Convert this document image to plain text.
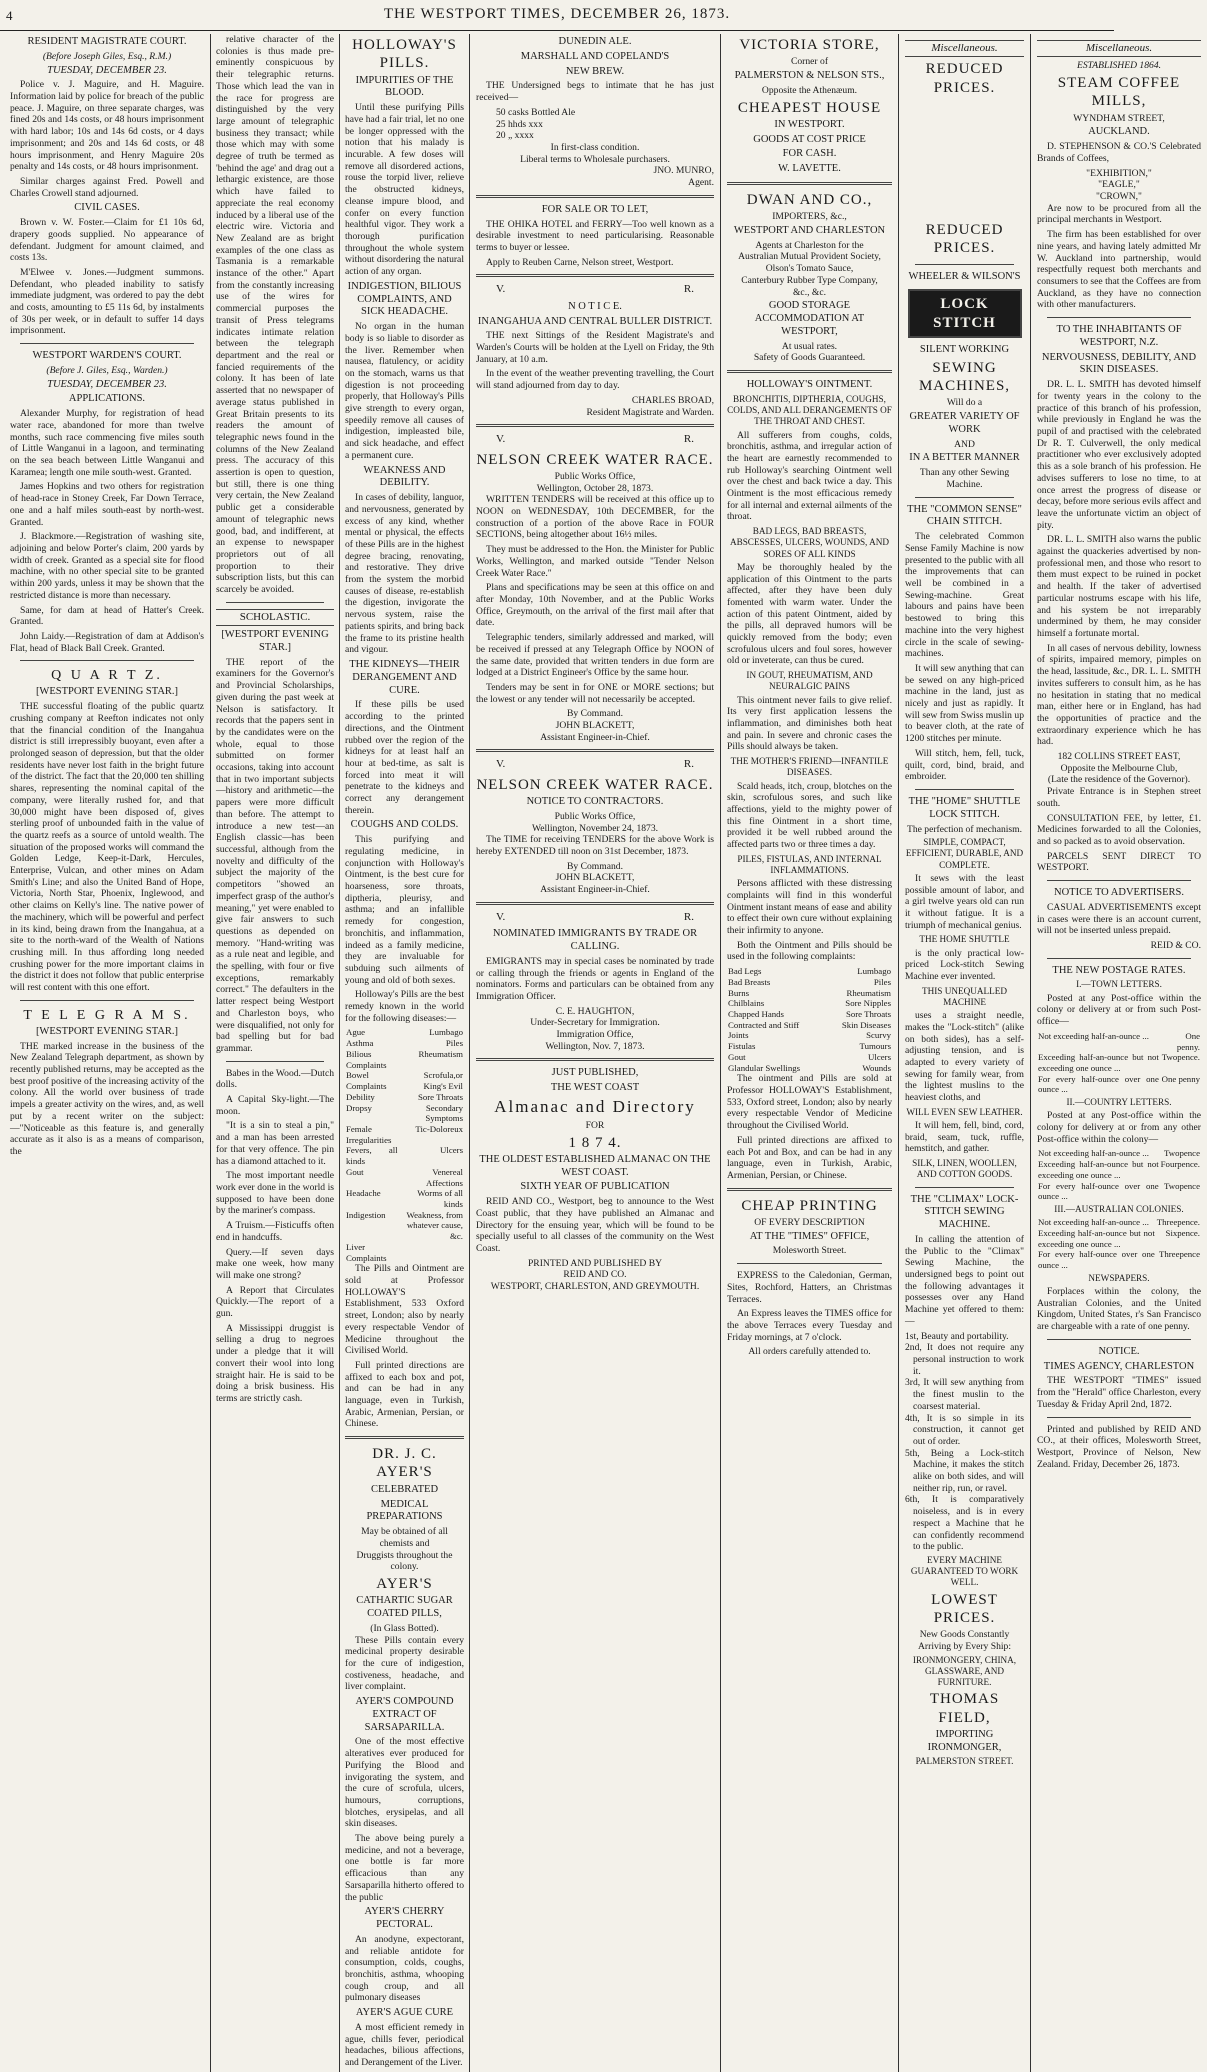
4	THE WESTPORT TIMES, DECEMBER 26, 1873.
RESIDENT MAGISTRATE COURT.
(Before Joseph Giles, Esq., R.M.)
TUESDAY, DECEMBER 23.

Police v. J. Maguire, and H. Maguire. Information laid by police for breach of the public peace. J. Maguire, on three separate charges, was fined 20s and 14s costs, or 48 hours imprisonment with hard labor; 10s and 14s 6d costs, or 4 days imprisonment; and 20s and 14s 6d costs, or 48 hours imprisonment, and Henry Maguire 20s penalty and 14s costs, or 48 hours imprisonment.

Similar charges against Fred. Powell and Charles Crowell stand adjourned.

CIVIL CASES.

Brown v. W. Foster.—Claim for £1 10s 6d, drapery goods supplied. No appearance of defendant. Judgment for amount claimed, and costs 13s.

M'Elwee v. Jones.—Judgment summons. Defendant, who pleaded inability to satisfy immediate judgment, was ordered to pay the debt and costs, amounting to £5 11s 6d, by instalments of 30s per week, or in default to suffer 14 days imprisonment.

WESTPORT WARDEN'S COURT.
(Before J. Giles, Esq., Warden.)
TUESDAY, DECEMBER 23.
APPLICATIONS.

Alexander Murphy, for registration of head water race, abandoned for more than twelve months, such race commencing five miles south of Little Wanganui in a lagoon, and terminating on the sea beach between Little Wanganui and Karamea; length one mile south-west. Granted.

James Hopkins and two others for registration of head-race in Stoney Creek, Far Down Terrace, one and a half miles south-east by north-west. Granted.

J. Blackmore.—Registration of washing site, adjoining and below Porter's claim, 200 yards by width of creek. Granted as a special site for flood machine, with no other special site to be granted within 200 yards, unless it may be shown that the restricted distance is more than necessary.

Same, for dam at head of Hatter's Creek. Granted.

John Laidy.—Registration of dam at Addison's Flat, head of Black Ball Creek. Granted.

Q U A R T Z.
[WESTPORT EVENING STAR.]

THE successful floating of the public quartz crushing company at Reefton indicates not only that the financial condition of the Inangahua district is still irrepressibly buoyant, even after a prolonged season of depression, but that the older residents have never lost faith in the bright future of the district. The fact that the 20,000 ten shilling shares, representing the nominal capital of the company, were literally rushed for, and that 30,000 might have been disposed of, gives sterling proof of unbounded faith in the value of the quartz reefs as a source of untold wealth. The situation of the proposed works will command the Golden Ledge, Keep-it-Dark, Hercules, Enterprise, Vulcan, and other mines on Adam Smith's Line; and also the United Band of Hope, Victoria, North Star, Phoenix, Inglewood, and other claims on Kelly's line. The native power of the machinery, which will be powerful and perfect in its kind, being drawn from the Inangahua, at a site to the north-ward of the Wealth of Nations crushing mill. In thus affording long needed crushing power for the more important claims in the district it does not follow that public enterprise will rest content with this one effort.

T E L E G R A M S.
[WESTPORT EVENING STAR.]

THE marked increase in the business of the New Zealand Telegraph department, as shown by recently published returns, may be accepted as the best proof positive of the increasing activity of the colony. All the world over business of trade impels a greater activity on the wires, and, as well put by a recent writer on the subject:—"Noticeable as this feature is, and generally accurate as it also is as a means of comparison, the

relative character of the colonies is thus made pre-eminently conspicuous by their telegraphic returns. Those which lead the van in the race for progress are distinguished by the very large amount of telegraphic business they transact; while those which may with some degree of truth be termed as 'behind the age' and drag out a lethargic existence, are those which have failed to appreciate the real economy induced by a liberal use of the electric wire. Victoria and New Zealand are as bright examples of the one class as Tasmania is a remarkable instance of the other." Apart from the constantly increasing use of the wires for commercial purposes the transit of Press telegrams indicates intimate relation between the telegraph department and the real or fancied requirements of the colony. It has been of late asserted that no newspaper of average status published in Great Britain presents to its readers the amount of telegraphic news found in the columns of the New Zealand press. The accuracy of this assertion is open to question, but still, there is one thing very certain, the New Zealand public get a considerable amount of telegraphic news good, bad, and indifferent, at an expense to newspaper proprietors out of all proportion to their subscription lists, but this can scarcely be avoided.

SCHOLASTIC.
[WESTPORT EVENING STAR.]

THE report of the examiners for the Governor's and Provincial Scholarships, given during the past week at Nelson is satisfactory. It records that the papers sent in by the candidates were on the whole, equal to those submitted on former occasions, taking into account that in two important subjects—history and arithmetic—the papers were more difficult than before. The attempt to introduce a new test—an English classic—has been successful, although from the novelty and difficulty of the subject the majority of the competitors "showed an imperfect grasp of the author's meaning," yet were enabled to give fair answers to such questions as depended on memory. "Hand-writing was as a rule neat and legible, and the spelling, with four or five exceptions, remarkably correct." The defaulters in the latter respect being Westport and Charleston boys, who were disqualified, not only for bad spelling but for bad grammar.

Babes in the Wood.—Dutch dolls.

A Capital Sky-light.—The moon.

"It is a sin to steal a pin," and a man has been arrested for that very offence. The pin has a diamond attached to it.

The most important needle work ever done in the world is supposed to have been done by the mariner's compass.

A Truism.—Fisticuffs often end in handcuffs.

Query.—If seven days make one week, how many will make one strong?

A Report that Circulates Quickly.—The report of a gun.

A Mississippi druggist is selling a drug to negroes under a pledge that it will convert their wool into long straight hair. He is said to be doing a brisk business. His terms are strictly cash.

HOLLOWAY'S PILLS.
IMPURITIES OF THE BLOOD.

Until these purifying Pills have had a fair trial, let no one be longer oppressed with the notion that his malady is incurable. A few doses will remove all disordered actions, rouse the torpid liver, relieve the obstructed kidneys, cleanse impure blood, and confer on every function healthful vigor. They work a thorough purification throughout the whole system without disordering the natural action of any organ.

INDIGESTION, BILIOUS COMPLAINTS, AND SICK HEADACHE.

No organ in the human body is so liable to disorder as the liver. Remember when nausea, flatulency, or acidity on the stomach, warns us that digestion is not proceeding properly, that Holloway's Pills give strength to every organ, speedily remove all causes of indigestion, impleasted bile, and sick headache, and effect a permanent cure.

WEAKNESS AND DEBILITY.

In cases of debility, languor, and nervousness, generated by excess of any kind, whether mental or physical, the effects of these Pills are in the highest degree bracing, renovating, and restorative. They drive from the system the morbid causes of disease, re-establish the digestion, invigorate the nervous system, raise the patients spirits, and bring back the frame to its pristine health and vigour.

THE KIDNEYS—THEIR DERANGEMENT AND CURE.

If these pills be used according to the printed directions, and the Ointment rubbed over the region of the kidneys for at least half an hour at bed-time, as salt is forced into meat it will penetrate to the kidneys and correct any derangement therein.

COUGHS AND COLDS.

This purifying and regulating medicine, in conjunction with Holloway's Ointment, is the best cure for hoarseness, sore throats, diptheria, pleurisy, and asthma; and an infallible remedy for congestion, bronchitis, and inflammation, indeed as a family medicine, they are invaluable for subduing such ailments of young and old of both sexes.

Holloway's Pills are the best remedy known in the world for the following diseases:—

Ague	Lumbago
Asthma	Piles
Bilious Complaints	Rheumatism
Bowel Complaints	Scrofula,or King's Evil
Debility	Sore Throats
Dropsy	Secondary Symptoms
Female Irregularities	Tic-Doloreux
Fevers, all kinds	Ulcers
Gout	Venereal Affections
Headache	Worms of all kinds
Indigestion	Weakness, from whatever cause, &c.
Liver Complaints	

The Pills and Ointment are sold at Professor HOLLOWAY'S Establishment, 533 Oxford street, London; also by nearly every respectable Vendor of Medicine throughout the Civilised World.

Full printed directions are affixed to each box and pot, and can be had in any language, even in Turkish, Arabic, Armenian, Persian, or Chinese.

DR. J. C. AYER'S
CELEBRATED
MEDICAL PREPARATIONS
May be obtained of all chemists and
Druggists throughout the colony.
AYER'S
CATHARTIC SUGAR COATED PILLS,
(In Glass Botted).

These Pills contain every medicinal property desirable for the cure of indigestion, costiveness, headache, and liver complaint.

AYER'S COMPOUND EXTRACT OF SARSAPARILLA.

One of the most effective alteratives ever produced for Purifying the Blood and invigorating the system, and the cure of scrofula, ulcers, humours, corruptions, blotches, erysipelas, and all skin diseases.

The above being purely a medicine, and not a beverage, one bottle is far more efficacious than any Sarsaparilla hitherto offered to the public

AYER'S CHERRY PECTORAL.

An anodyne, expectorant, and reliable antidote for consumption, colds, coughs, bronchitis, asthma, whooping cough croup, and all pulmonary diseases

AYER'S AGUE CURE

A most efficient remedy in ague, chills fever, periodical headaches, bilious affections, and Derangement of the Liver.

DUNEDIN ALE.
MARSHALL AND COPELAND'S
NEW BREW.

THE Undersigned begs to intimate that he has just received—

50 casks Bottled Ale
25 hhds xxx
20 „ xxxx
In first-class condition.
Liberal terms to Wholesale purchasers.
JNO. MUNRO,
Agent.
FOR SALE OR TO LET,

THE OHIKA HOTEL and FERRY—Too well known as a desirable investment to need particularising. Reasonable terms to buyer or lessee.

Apply to Reuben Carne, Nelson street, Westport.

V.	R.
N O T I C E.
INANGAHUA AND CENTRAL BULLER DISTRICT.

THE next Sittings of the Resident Magistrate's and Warden's Courts will be holden at the Lyell on Friday, the 9th January, at 10 a.m.

In the event of the weather preventing travelling, the Court will stand adjourned from day to day.

CHARLES BROAD,
Resident Magistrate and Warden.
V.	R.
NELSON CREEK WATER RACE.
Public Works Office,
Wellington, October 28, 1873.

WRITTEN TENDERS will be received at this office up to NOON on WEDNESDAY, 10th DECEMBER, for the construction of a portion of the above Race in FOUR SECTIONS, being altogether about 16½ miles.

They must be addressed to the Hon. the Minister for Public Works, Wellington, and marked outside "Tender Nelson Creek Water Race."

Plans and specifications may be seen at this office on and after Monday, 10th November, and at the Public Works Office, Greymouth, on the arrival of the first mail after that date.

Telegraphic tenders, similarly addressed and marked, will be received if pressed at any Telegraph Office by NOON of the same date, provided that written tenders in due form are lodged at a District Engineer's Office by the same hour.

Tenders may be sent in for ONE or MORE sections; but the lowest or any tender will not necessarily be accepted.

By Command.
JOHN BLACKETT,
Assistant Engineer-in-Chief.
V.	R.
NELSON CREEK WATER RACE.
NOTICE TO CONTRACTORS.
Public Works Office,
Wellington, November 24, 1873.

The TIME for receiving TENDERS for the above Work is hereby EXTENDED till noon on 31st December, 1873.

By Command.
JOHN BLACKETT,
Assistant Engineer-in-Chief.
V.	R.
NOMINATED IMMIGRANTS BY TRADE OR CALLING.

EMIGRANTS may in special cases be nominated by trade or calling through the friends or agents in England of the nominators. Forms and particulars can be obtained from any Immigration Officer.

C. E. HAUGHTON,
Under-Secretary for Immigration.
Immigration Office,
Wellington, Nov. 7, 1873.
JUST PUBLISHED,
THE WEST COAST
Almanac and Directory
FOR
1 8 7 4.
THE OLDEST ESTABLISHED ALMANAC ON THE WEST COAST.
SIXTH YEAR OF PUBLICATION

REID AND CO., Westport, beg to announce to the West Coast public, that they have published an Almanac and Directory for the ensuing year, which will be found to be specially useful to all classes of the community on the West Coast.

PRINTED AND PUBLISHED BY
REID AND CO.
WESTPORT, CHARLESTON, AND GREYMOUTH.
VICTORIA STORE,
Corner of
PALMERSTON & NELSON STS.,
Opposite the Athenæum.
CHEAPEST HOUSE
IN WESTPORT.
GOODS AT COST PRICE
FOR CASH.
W. LAVETTE.
DWAN AND CO.,
IMPORTERS, &c.,
WESTPORT AND CHARLESTON
Agents at Charleston for the
Australian Mutual Provident Society,
Olson's Tomato Sauce,
Canterbury Rubber Type Company,
&c., &c.
GOOD STORAGE ACCOMMODATION AT WESTPORT,
At usual rates.
Safety of Goods Guaranteed.
HOLLOWAY'S OINTMENT.
BRONCHITIS, DIPTHERIA, COUGHS, COLDS, AND ALL DERANGEMENTS OF THE THROAT AND CHEST.

All sufferers from coughs, colds, bronchitis, asthma, and irregular action of the heart are earnestly recommended to rub Holloway's searching Ointment well over the chest and back twice a day. This Ointment is the most efficacious remedy for all internal and external ailments of the throat.

BAD LEGS, BAD BREASTS, ABSCESSES, ULCERS, WOUNDS, AND SORES OF ALL KINDS

May be thoroughly healed by the application of this Ointment to the parts affected, after they have been duly fomented with warm water. Under the action of this patent Ointment, aided by the pills, all depraved humors will be quickly removed from the body; even scrofulous ulcers and foul sores, however old or inveterate, can thus be cured.

IN GOUT, RHEUMATISM, AND NEURALGIC PAINS

This ointment never fails to give relief. Its very first application lessens the inflammation, and diminishes both heat and pain. In severe and chronic cases the Pills should always be taken.

THE MOTHER'S FRIEND—INFANTILE DISEASES.

Scald heads, itch, croup, blotches on the skin, scrofulous sores, and such like affections, yield to the mighty power of this fine Ointment in a short time, provided it be well rubbed around the affected parts two or three times a day.

PILES, FISTULAS, AND INTERNAL INFLAMMATIONS.

Persons afflicted with these distressing complaints will find in this wonderful Ointment instant means of ease and ability to effect their own cure without explaining their infirmity to anyone.

Both the Ointment and Pills should be used in the following complaints:

Bad Legs	Lumbago
Bad Breasts	Piles
Burns	Rheumatism
Chilblains	Sore Nipples
Chapped Hands	Sore Throats
Contracted and Stiff	Skin Diseases
Joints	Scurvy
Fistulas	Tumours
Gout	Ulcers
Glandular Swellings	Wounds

The ointment and Pills are sold at Professor HOLLOWAY'S Establishment, 533, Oxford street, London; also by nearly every respectable Vendor of Medicine throughout the Civilised World.

Full printed directions are affixed to each Pot and Box, and can be had in any language, even in Turkish, Arabic, Armenian, Persian, or Chinese.

CHEAP PRINTING
OF EVERY DESCRIPTION
AT THE "TIMES" OFFICE,
Molesworth Street.

EXPRESS to the Caledonian, German, Sites, Rochford, Hatters, an Christmas Terraces.

An Express leaves the TIMES office for the above Terraces every Tuesday and Friday mornings, at 7 o'clock.

All orders carefully attended to.
Miscellaneous.
REDUCED PRICES.
REDUCED PRICES.
WHEELER & WILSON'S
LOCK STITCH
SILENT WORKING
SEWING MACHINES,
Will do a
GREATER VARIETY OF WORK
AND
IN A BETTER MANNER
Than any other Sewing Machine.
THE "COMMON SENSE" CHAIN STITCH.

The celebrated Common Sense Family Machine is now presented to the public with all the improvements that can well be combined in a Sewing-machine. Great labours and pains have been bestowed to bring this machine into the very highest circle in the scale of sewing-machines.

It will sew anything that can be sewed on any high-priced machine in the land, just as nicely and just as rapidly. It will sew from Swiss muslin up to beaver cloth, at the rate of 1200 stitches per minute.

Will stitch, hem, fell, tuck, quilt, cord, bind, braid, and embroider.

THE "HOME" SHUTTLE LOCK STITCH.
The perfection of mechanism.
SIMPLE, COMPACT, EFFICIENT, DURABLE, AND COMPLETE.

It sews with the least possible amount of labor, and a girl twelve years old can run it without fatigue. It is a triumph of mechanical genius.

THE HOME SHUTTLE

is the only practical low-priced Lock-stitch Sewing Machine ever invented.

THIS UNEQUALLED MACHINE

uses a straight needle, makes the "Lock-stitch" (alike on both sides), has a self-adjusting tension, and is adapted to every variety of sewing for family wear, from the lightest muslins to the heaviest cloths, and

WILL EVEN SEW LEATHER.

It will hem, fell, bind, cord, braid, seam, tuck, ruffle, hemstitch, and gather.

SILK, LINEN, WOOLLEN, AND COTTON GOODS.
THE "CLIMAX" LOCK-STITCH SEWING MACHINE.

In calling the attention of the Public to the "Climax" Sewing Machine, the undersigned begs to point out the following advantages it possesses over any Hand Machine yet offered to them:—

1st, Beauty and portability.
2nd, It does not require any personal instruction to work it.
3rd, It will sew anything from the finest muslin to the coarsest material.
4th, It is so simple in its construction, it cannot get out of order.
5th, Being a Lock-stitch Machine, it makes the stitch alike on both sides, and will neither rip, run, or ravel.
6th, It is comparatively noiseless, and is in every respect a Machine that he can confidently recommend to the public.
EVERY MACHINE GUARANTEED TO WORK WELL.
LOWEST PRICES.
New Goods Constantly Arriving by Every Ship:
IRONMONGERY, CHINA, GLASSWARE, AND FURNITURE.
THOMAS FIELD,
IMPORTING IRONMONGER,
PALMERSTON STREET.
Miscellaneous.
ESTABLISHED 1864.
STEAM COFFEE MILLS,
WYNDHAM STREET,
AUCKLAND.

D. STEPHENSON & CO.'S Celebrated Brands of Coffees,

"EXHIBITION,"
"EAGLE,"
"CROWN,"

Are now to be procured from all the principal merchants in Westport.

The firm has been established for over nine years, and having lately admitted Mr W. Auckland into partnership, would respectfully request both merchants and consumers to see that the Coffees are from Auckland, as they have no connection with other manufacturers.

TO THE INHABITANTS OF WESTPORT, N.Z.
NERVOUSNESS, DEBILITY, AND SKIN DISEASES.

DR. L. L. SMITH has devoted himself for twenty years in the colony to the practice of this branch of his profession, while previously in England he was the pupil of and practised with the celebrated Dr R. T. Culverwell, the only medical practitioner who ever exclusively adopted this as a sole branch of his profession. He advises sufferers to lose no time, to at once arrest the progress of disease or decay, before more serious evils affect and leave the unfortunate victim an object of pity.

DR. L. L. SMITH also warns the public against the quackeries advertised by non-professional men, and those who resort to them must expect to be ruined in pocket and health. If the taker of advertised particular nostrums escape with his life, and his system be not irreparably undermined by them, he may consider himself a fortunate mortal.

In all cases of nervous debility, lowness of spirits, impaired memory, pimples on the head, lassitude, &c., DR. L. L. SMITH invites sufferers to consult him, as he has no hesitation in stating that no medical man, either here or in England, has had the opportunities of practice and the extraordinary experience which he has had.

182 COLLINS STREET EAST,
Opposite the Melbourne Club,
(Late the residence of the Governor).

Private Entrance is in Stephen street south.

CONSULTATION FEE, by letter, £1. Medicines forwarded to all the Colonies, and so packed as to avoid observation.

PARCELS SENT DIRECT TO WESTPORT.

NOTICE TO ADVERTISERS.

CASUAL ADVERTISEMENTS except in cases were there is an account current, will not be inserted unless prepaid.

REID & CO.
THE NEW POSTAGE RATES.
I.—TOWN LETTERS.

Posted at any Post-office within the colony or delivery at or from such Post-office—

Not exceeding half-an-ounce ...	One penny.
Exceeding half-an-ounce but not exceeding one ounce ...	Twopence.
For every half-ounce over one ounce ...	One penny
II.—COUNTRY LETTERS.

Posted at any Post-office within the colony for delivery at or from any other Post-office within the colony—

Not exceeding half-an-ounce ...	Twopence
Exceeding half-an-ounce but not exceeding one ounce ...	Fourpence.
For every half-ounce over one ounce ...	Twopence
III.—AUSTRALIAN COLONIES.
Not exceeding half-an-ounce ...	Threepence.
Exceeding half-an-ounce but not exceeding one ounce ...	Sixpence.
For every half-ounce over one ounce ...	Threepence
NEWSPAPERS.

Forplaces within the colony, the Australian Colonies, and the United Kingdom, United States, r's San Francisco are chargeable with a rate of one penny.

NOTICE.
TIMES AGENCY, CHARLESTON

THE WESTPORT "TIMES" issued from the "Herald" office Charleston, every Tuesday & Friday April 2nd, 1872.

Printed and published by REID AND CO., at their offices, Molesworth Street, Westport, Province of Nelson, New Zealand. Friday, December 26, 1873.
